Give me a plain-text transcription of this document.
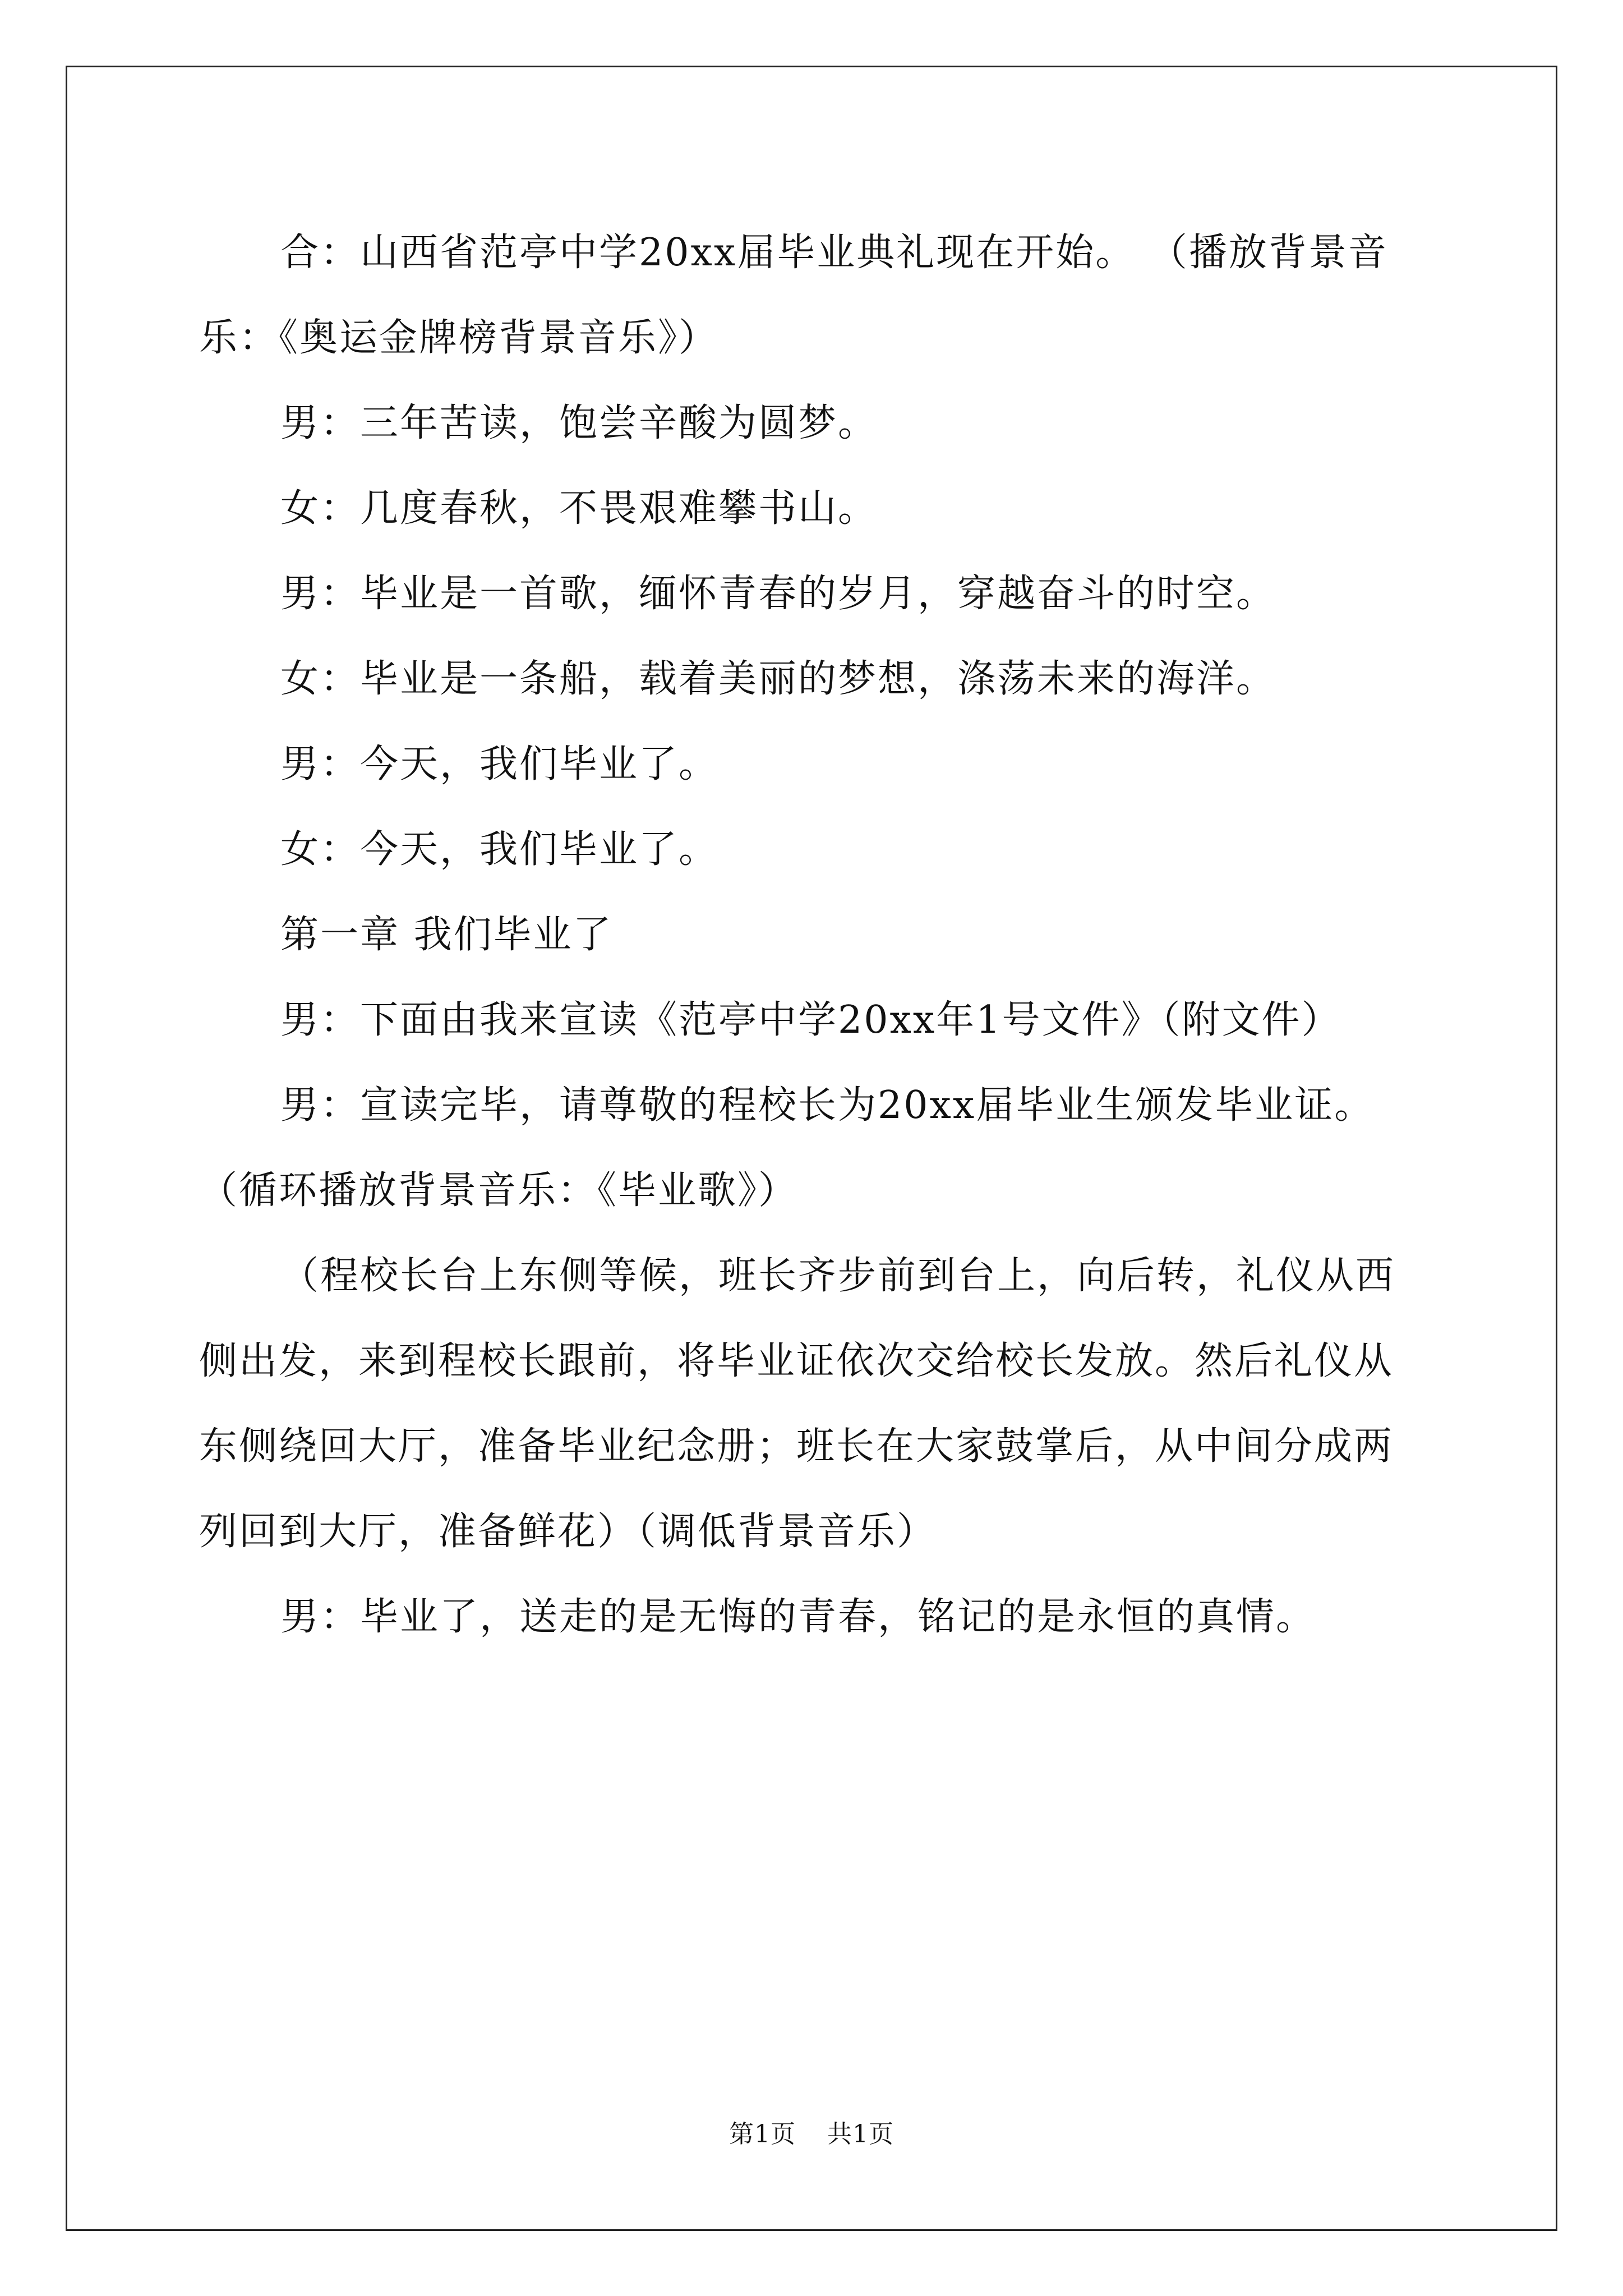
合：山西省范亭中学20xx届毕业典礼现在开始。 （播放背景音乐：《奥运金牌榜背景音乐》）

男：三年苦读，饱尝辛酸为圆梦。

女：几度春秋，不畏艰难攀书山。

男：毕业是一首歌，缅怀青春的岁月，穿越奋斗的时空。

女：毕业是一条船，载着美丽的梦想，涤荡未来的海洋。

男：今天，我们毕业了。

女：今天，我们毕业了。

第一章 我们毕业了

男：下面由我来宣读《范亭中学20xx年1号文件》（附文件）

男：宣读完毕，请尊敬的程校长为20xx届毕业生颁发毕业证。

（循环播放背景音乐：《毕业歌》）

（程校长台上东侧等候，班长齐步前到台上，向后转，礼仪从西侧出发，来到程校长跟前，将毕业证依次交给校长发放。然后礼仪从东侧绕回大厅，准备毕业纪念册；班长在大家鼓掌后，从中间分成两列回到大厅，准备鲜花）（调低背景音乐）

男：毕业了，送走的是无悔的青春，铭记的是永恒的真情。

第1页 共1页
